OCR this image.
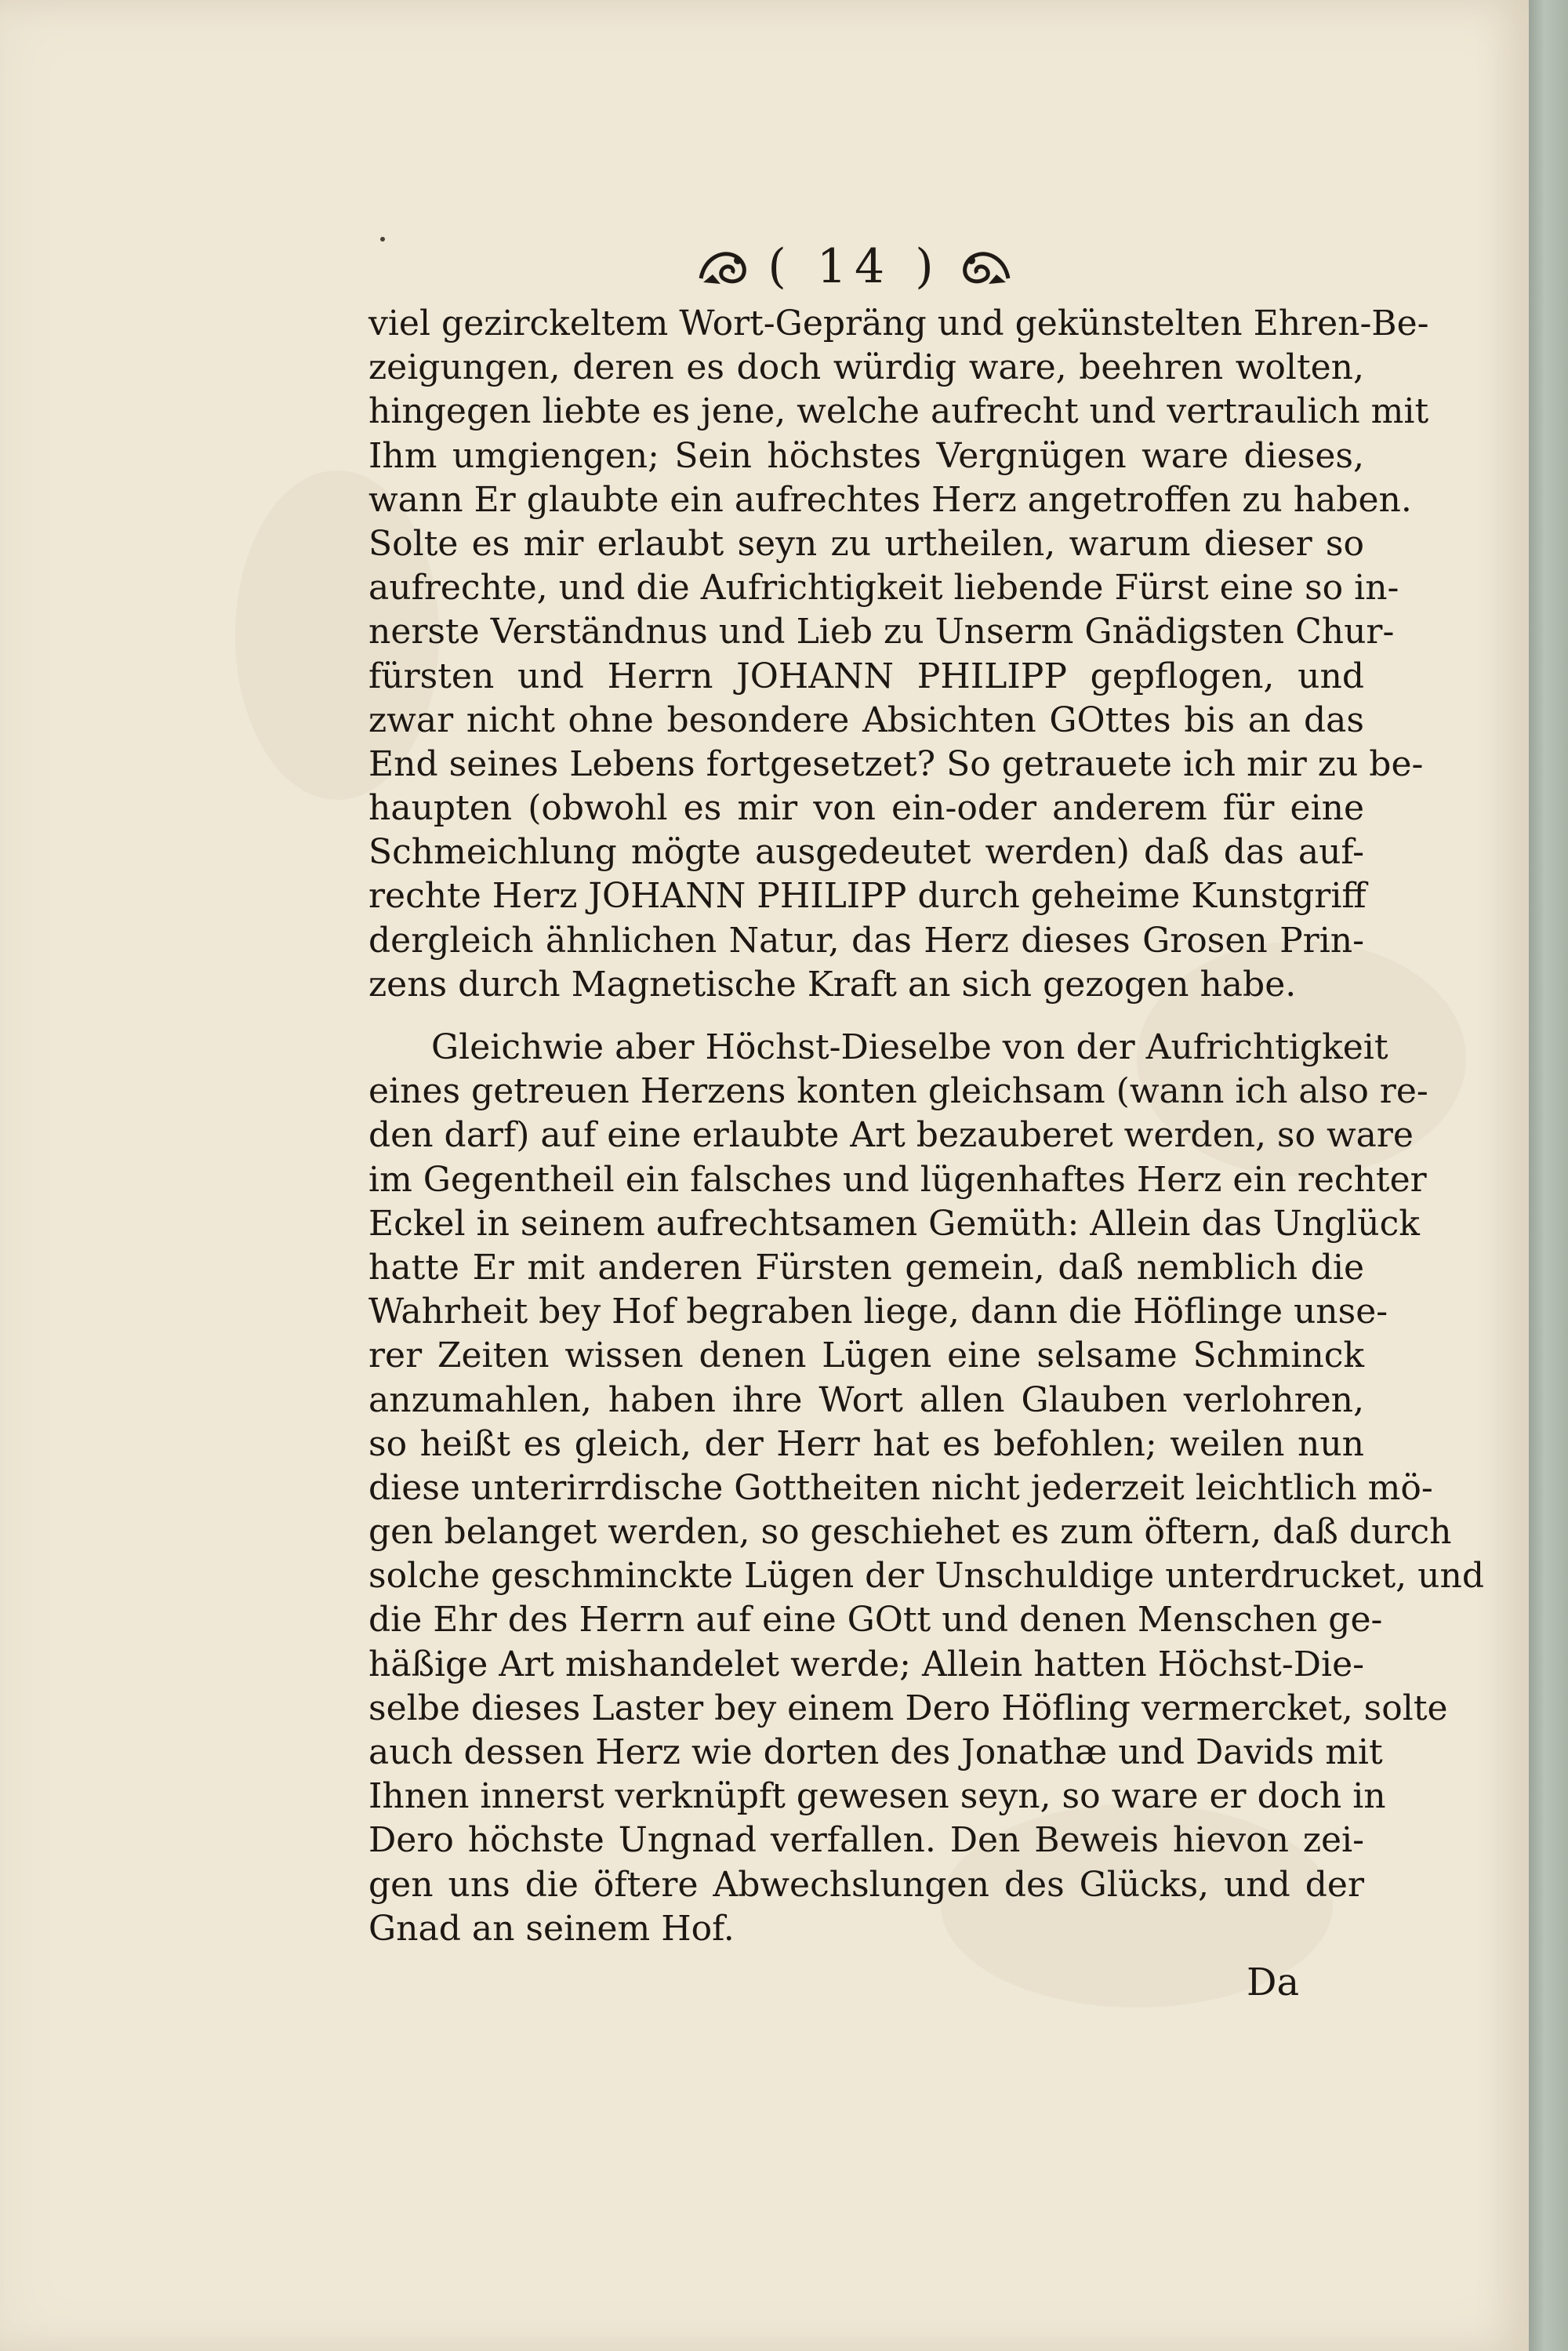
( 14 )
viel gezirckeltem Wort-Gepräng und gekünstelten Ehren-Be-
zeigungen, deren es doch würdig ware, beehren wolten,
hingegen liebte es jene, welche aufrecht und vertraulich mit
Ihm umgiengen; Sein höchstes Vergnügen ware dieses,
wann Er glaubte ein aufrechtes Herz angetroffen zu haben.
Solte es mir erlaubt seyn zu urtheilen, warum dieser so
aufrechte, und die Aufrichtigkeit liebende Fürst eine so in-
nerste Verständnus und Lieb zu Unserm Gnädigsten Chur-
fürsten und Herrn JOHANN PHILIPP gepflogen, und
zwar nicht ohne besondere Absichten GOttes bis an das
End seines Lebens fortgesetzet? So getrauete ich mir zu be-
haupten (obwohl es mir von ein-oder anderem für eine
Schmeichlung mögte ausgedeutet werden) daß das auf-
rechte Herz JOHANN PHILIPP durch geheime Kunstgriff
dergleich ähnlichen Natur, das Herz dieses Grosen Prin-
zens durch Magnetische Kraft an sich gezogen habe.
Gleichwie aber Höchst-Dieselbe von der Aufrichtigkeit
eines getreuen Herzens konten gleichsam (wann ich also re-
den darf) auf eine erlaubte Art bezauberet werden, so ware
im Gegentheil ein falsches und lügenhaftes Herz ein rechter
Eckel in seinem aufrechtsamen Gemüth: Allein das Unglück
hatte Er mit anderen Fürsten gemein, daß nemblich die
Wahrheit bey Hof begraben liege, dann die Höflinge unse-
rer Zeiten wissen denen Lügen eine selsame Schminck
anzumahlen, haben ihre Wort allen Glauben verlohren,
so heißt es gleich, der Herr hat es befohlen; weilen nun
diese unterirrdische Gottheiten nicht jederzeit leichtlich mö-
gen belanget werden, so geschiehet es zum öftern, daß durch
solche geschminckte Lügen der Unschuldige unterdrucket, und
die Ehr des Herrn auf eine GOtt und denen Menschen ge-
häßige Art mishandelet werde; Allein hatten Höchst-Die-
selbe dieses Laster bey einem Dero Höfling vermercket, solte
auch dessen Herz wie dorten des Jonathæ und Davids mit
Ihnen innerst verknüpft gewesen seyn, so ware er doch in
Dero höchste Ungnad verfallen. Den Beweis hievon zei-
gen uns die öftere Abwechslungen des Glücks, und der
Gnad an seinem Hof.
Da
